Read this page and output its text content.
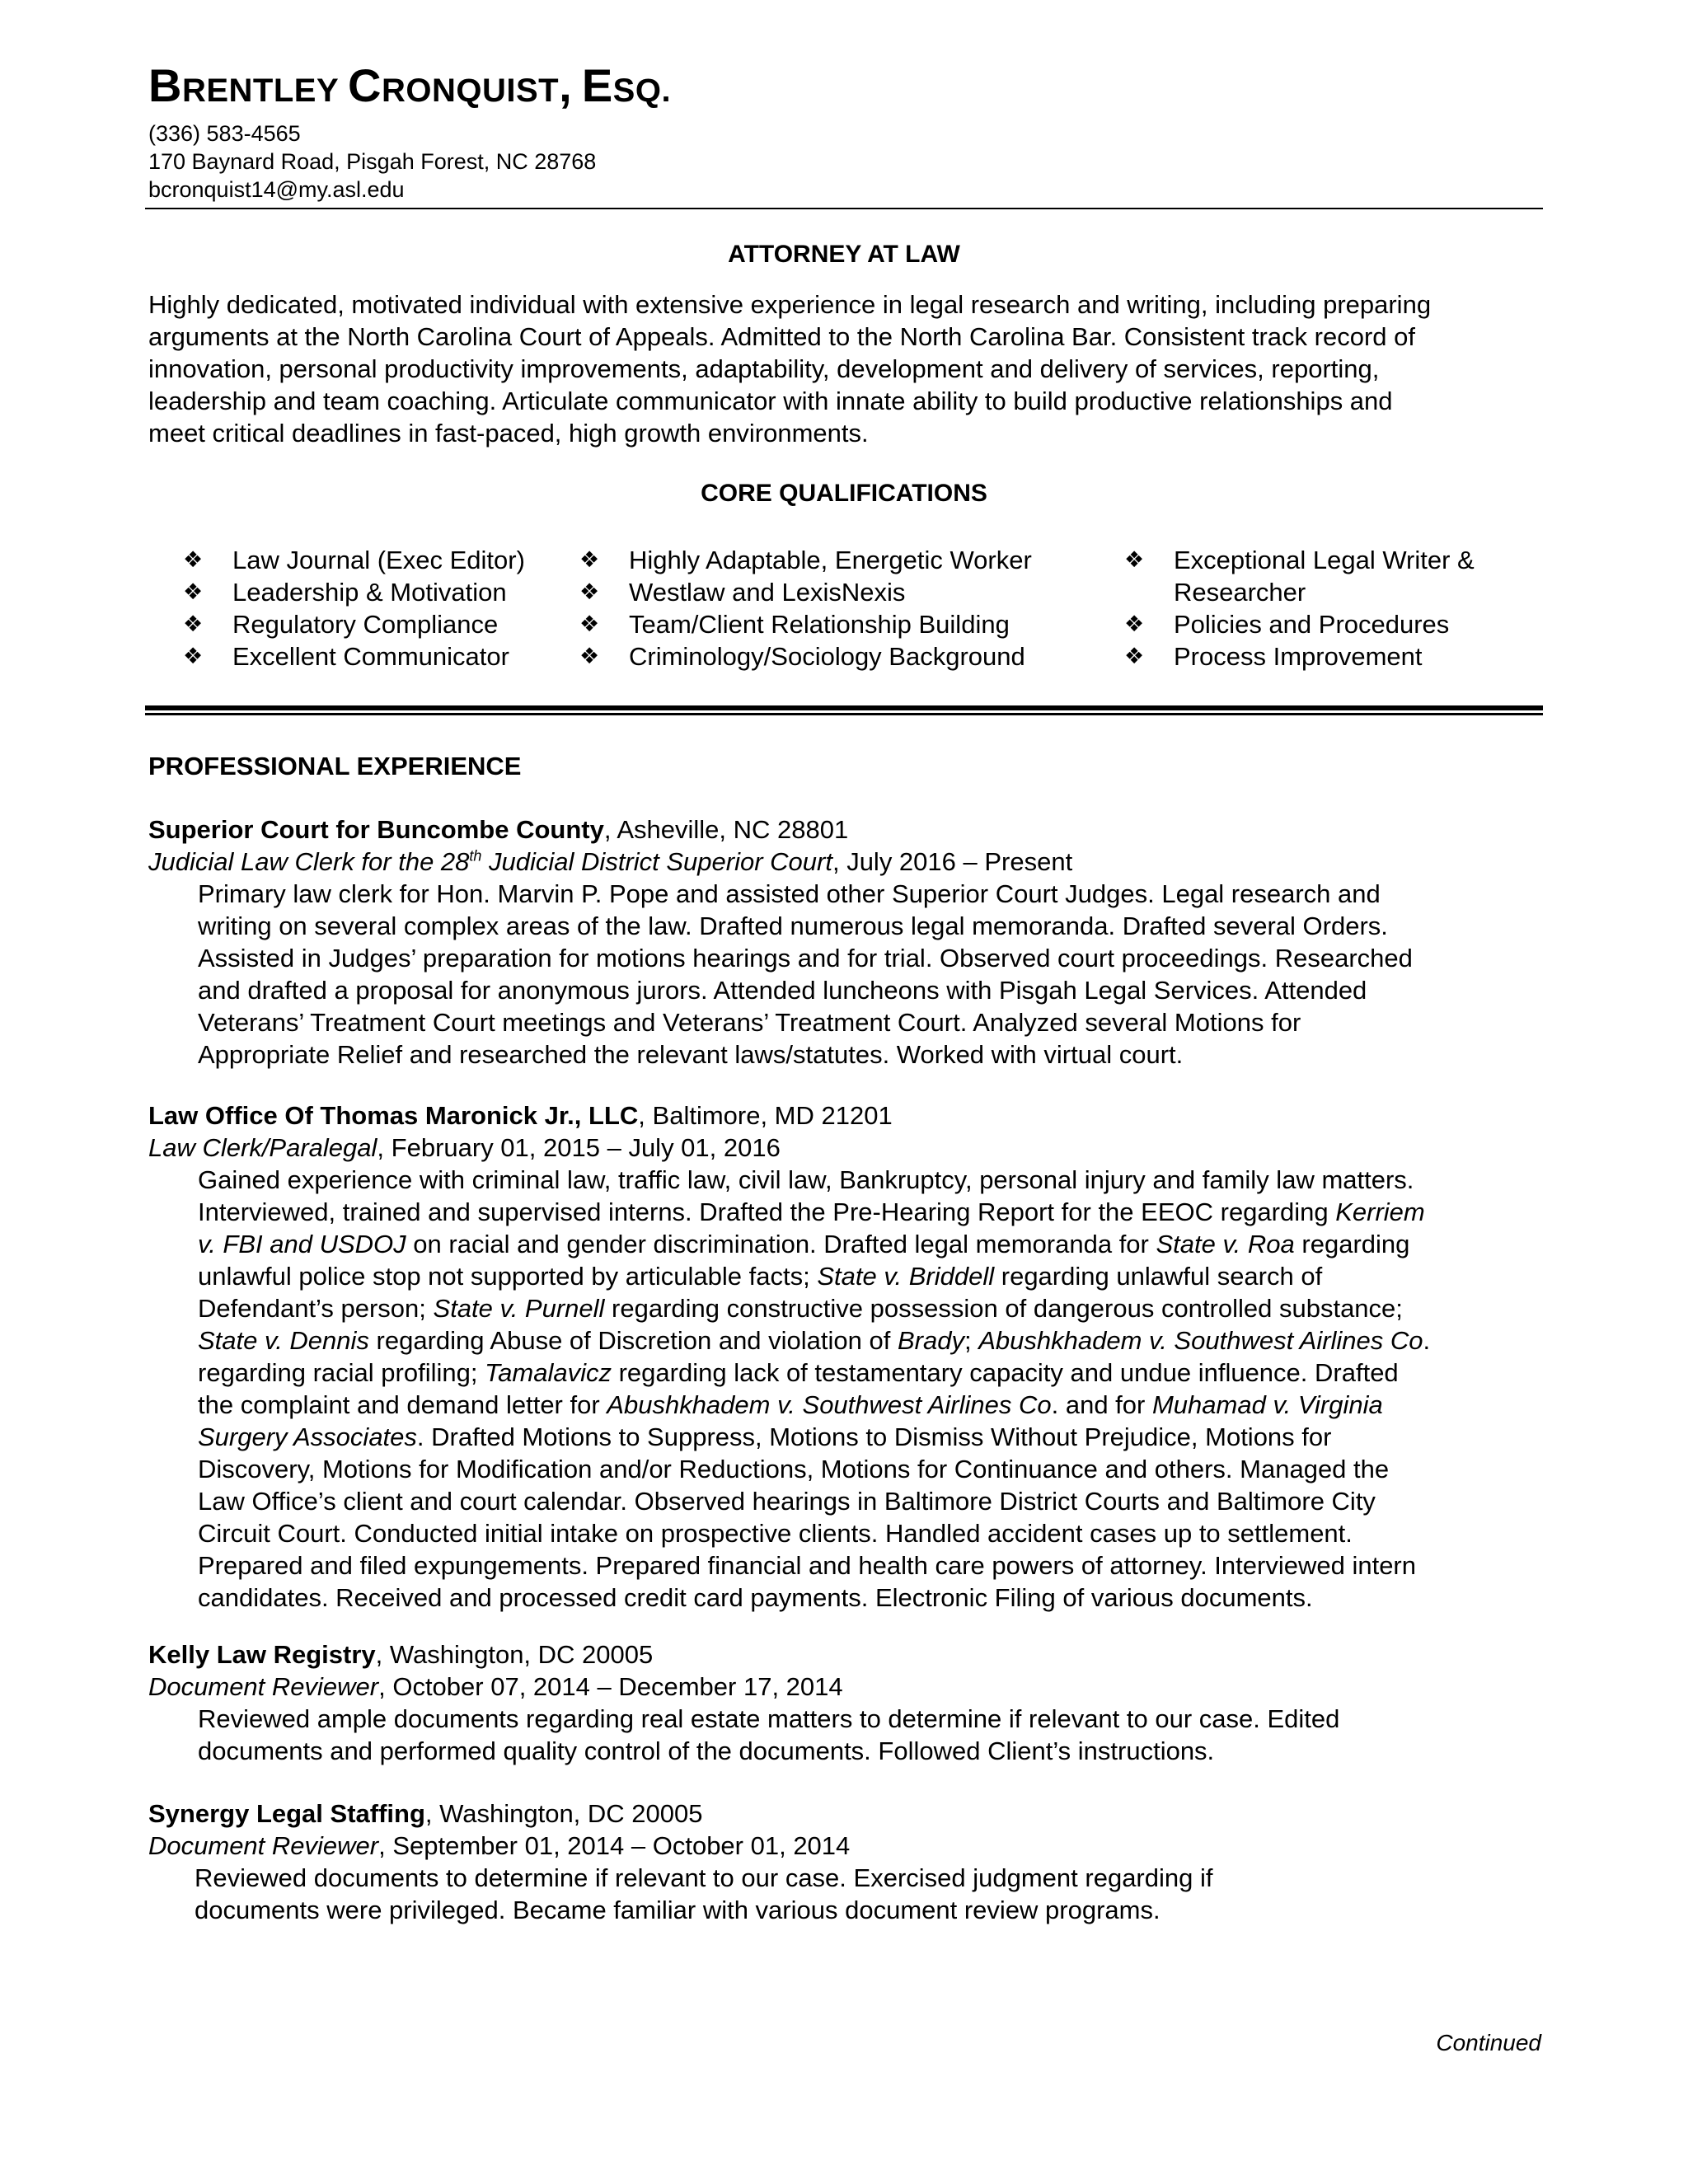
BRENTLEY CRONQUIST, ESQ.
(336) 583-4565
170 Baynard Road, Pisgah Forest, NC 28768
bcronquist14@my.asl.edu
ATTORNEY AT LAW
Highly dedicated, motivated individual with extensive experience in legal research and writing, including preparing
arguments at the North Carolina Court of Appeals. Admitted to the North Carolina Bar. Consistent track record of
innovation, personal productivity improvements, adaptability, development and delivery of services, reporting,
leadership and team coaching. Articulate communicator with innate ability to build productive relationships and
meet critical deadlines in fast-paced, high growth environments.
CORE QUALIFICATIONS
❖ Law Journal (Exec Editor)
❖ Leadership & Motivation
❖ Regulatory Compliance
❖ Excellent Communicator
❖ Highly Adaptable, Energetic Worker
❖ Westlaw and LexisNexis
❖ Team/Client Relationship Building
❖ Criminology/Sociology Background
❖ Exceptional Legal Writer &
Researcher
❖ Policies and Procedures
❖ Process Improvement
PROFESSIONAL EXPERIENCE
Superior Court for Buncombe County, Asheville, NC 28801
Judicial Law Clerk for the 28th Judicial District Superior Court, July 2016 – Present
Primary law clerk for Hon. Marvin P. Pope and assisted other Superior Court Judges. Legal research and
writing on several complex areas of the law. Drafted numerous legal memoranda. Drafted several Orders.
Assisted in Judges’ preparation for motions hearings and for trial. Observed court proceedings. Researched
and drafted a proposal for anonymous jurors. Attended luncheons with Pisgah Legal Services. Attended
Veterans’ Treatment Court meetings and Veterans’ Treatment Court. Analyzed several Motions for
Appropriate Relief and researched the relevant laws/statutes. Worked with virtual court.
Law Office Of Thomas Maronick Jr., LLC, Baltimore, MD 21201
Law Clerk/Paralegal, February 01, 2015 – July 01, 2016
Gained experience with criminal law, traffic law, civil law, Bankruptcy, personal injury and family law matters.
Interviewed, trained and supervised interns. Drafted the Pre-Hearing Report for the EEOC regarding Kerriem
v. FBI and USDOJ on racial and gender discrimination. Drafted legal memoranda for State v. Roa regarding
unlawful police stop not supported by articulable facts; State v. Briddell regarding unlawful search of
Defendant’s person; State v. Purnell regarding constructive possession of dangerous controlled substance;
State v. Dennis regarding Abuse of Discretion and violation of Brady; Abushkhadem v. Southwest Airlines Co.
regarding racial profiling; Tamalavicz regarding lack of testamentary capacity and undue influence. Drafted
the complaint and demand letter for Abushkhadem v. Southwest Airlines Co. and for Muhamad v. Virginia
Surgery Associates. Drafted Motions to Suppress, Motions to Dismiss Without Prejudice, Motions for
Discovery, Motions for Modification and/or Reductions, Motions for Continuance and others. Managed the
Law Office’s client and court calendar. Observed hearings in Baltimore District Courts and Baltimore City
Circuit Court. Conducted initial intake on prospective clients. Handled accident cases up to settlement.
Prepared and filed expungements. Prepared financial and health care powers of attorney. Interviewed intern
candidates. Received and processed credit card payments. Electronic Filing of various documents.
Kelly Law Registry, Washington, DC 20005
Document Reviewer, October 07, 2014 – December 17, 2014
Reviewed ample documents regarding real estate matters to determine if relevant to our case. Edited
documents and performed quality control of the documents. Followed Client’s instructions.
Synergy Legal Staffing, Washington, DC 20005
Document Reviewer, September 01, 2014 – October 01, 2014
Reviewed documents to determine if relevant to our case. Exercised judgment regarding if
documents were privileged. Became familiar with various document review programs.
Continued
